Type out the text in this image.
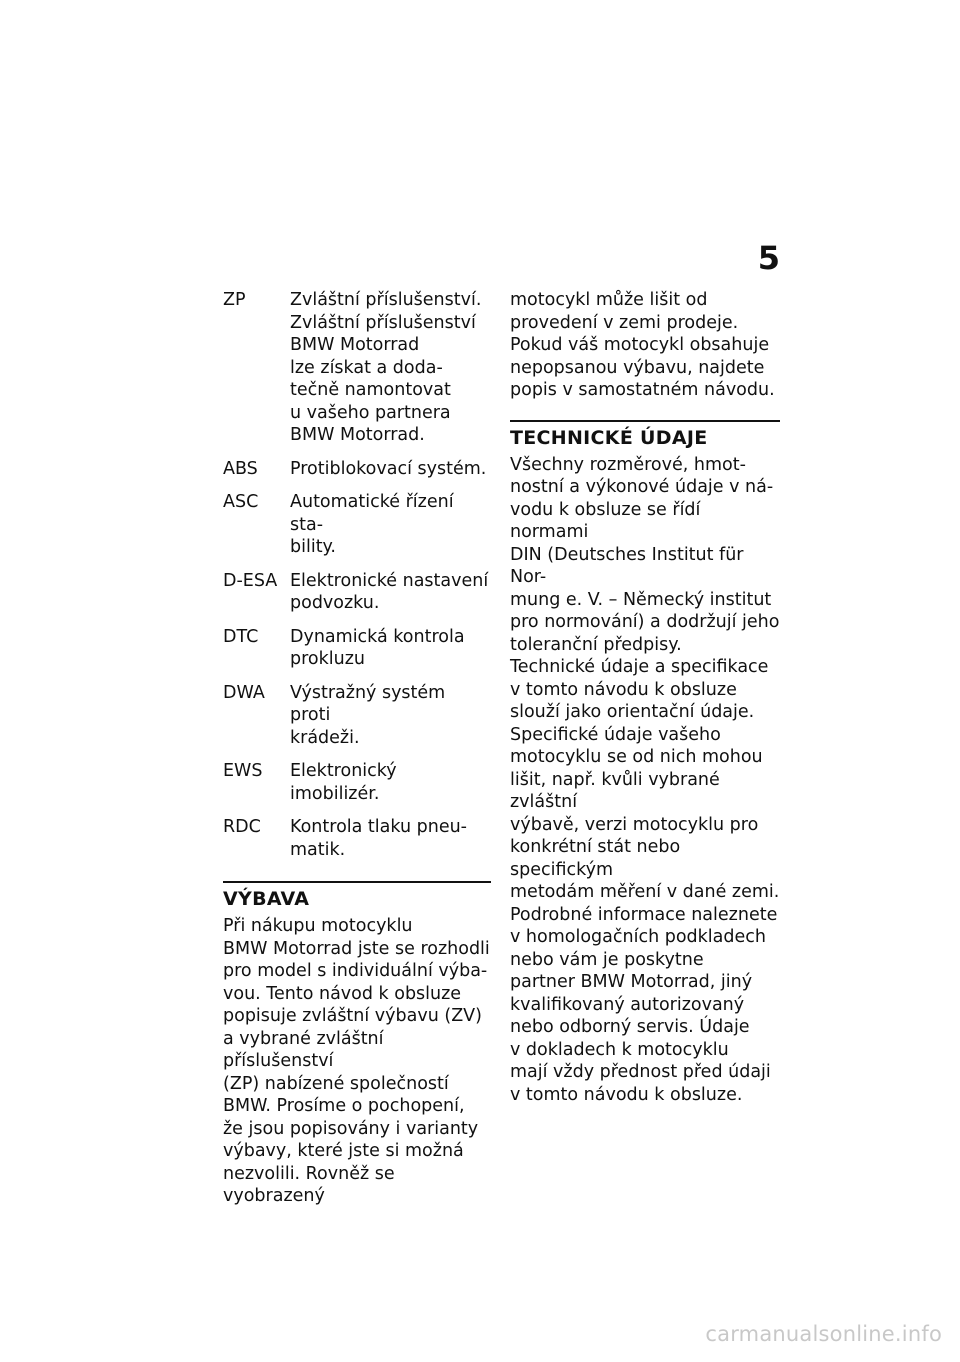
5
ZP	Zvláštní příslušenství.
Zvláštní příslušenství
BMW Motorrad
lze získat a doda-
tečně namontovat
u vašeho partnera
BMW Motorrad.
ABS	Protiblokovací systém.
ASC	Automatické řízení sta-
bility.
D-ESA Elektronické nastavení
podvozku.
DTC	Dynamická kontrola
prokluzu
DWA	Výstražný systém proti
krádeži.
EWS	Elektronický imobilizér.
RDC	Kontrola tlaku pneu-
matik.
VÝBAVA

Při nákupu motocyklu
BMW Motorrad jste se rozhodli
pro model s individuální výba-
vou. Tento návod k obsluze
popisuje zvláštní výbavu (ZV)
a vybrané zvláštní příslušenství
(ZP) nabízené společností
BMW. Prosíme o pochopení,
že jsou popisovány i varianty
výbavy, které jste si možná
nezvolili. Rovněž se vyobrazený

motocykl může lišit od
provedení v zemi prodeje.
Pokud váš motocykl obsahuje
nepopsanou výbavu, najdete
popis v samostatném návodu.

TECHNICKÉ ÚDAJE

Všechny rozměrové, hmot-
nostní a výkonové údaje v ná-
vodu k obsluze se řídí normami
DIN (Deutsches Institut für Nor-
mung e. V. – Německý institut
pro normování) a dodržují jeho
toleranční předpisy.

Technické údaje a specifikace
v tomto návodu k obsluze
slouží jako orientační údaje.
Specifické údaje vašeho
motocyklu se od nich mohou
lišit, např. kvůli vybrané zvláštní
výbavě, verzi motocyklu pro
konkrétní stát nebo specifickým
metodám měření v dané zemi.
Podrobné informace naleznete
v homologačních podkladech
nebo vám je poskytne
partner BMW Motorrad, jiný
kvalifikovaný autorizovaný
nebo odborný servis. Údaje
v dokladech k motocyklu
mají vždy přednost před údaji
v tomto návodu k obsluze.

carmanualsonline.info
